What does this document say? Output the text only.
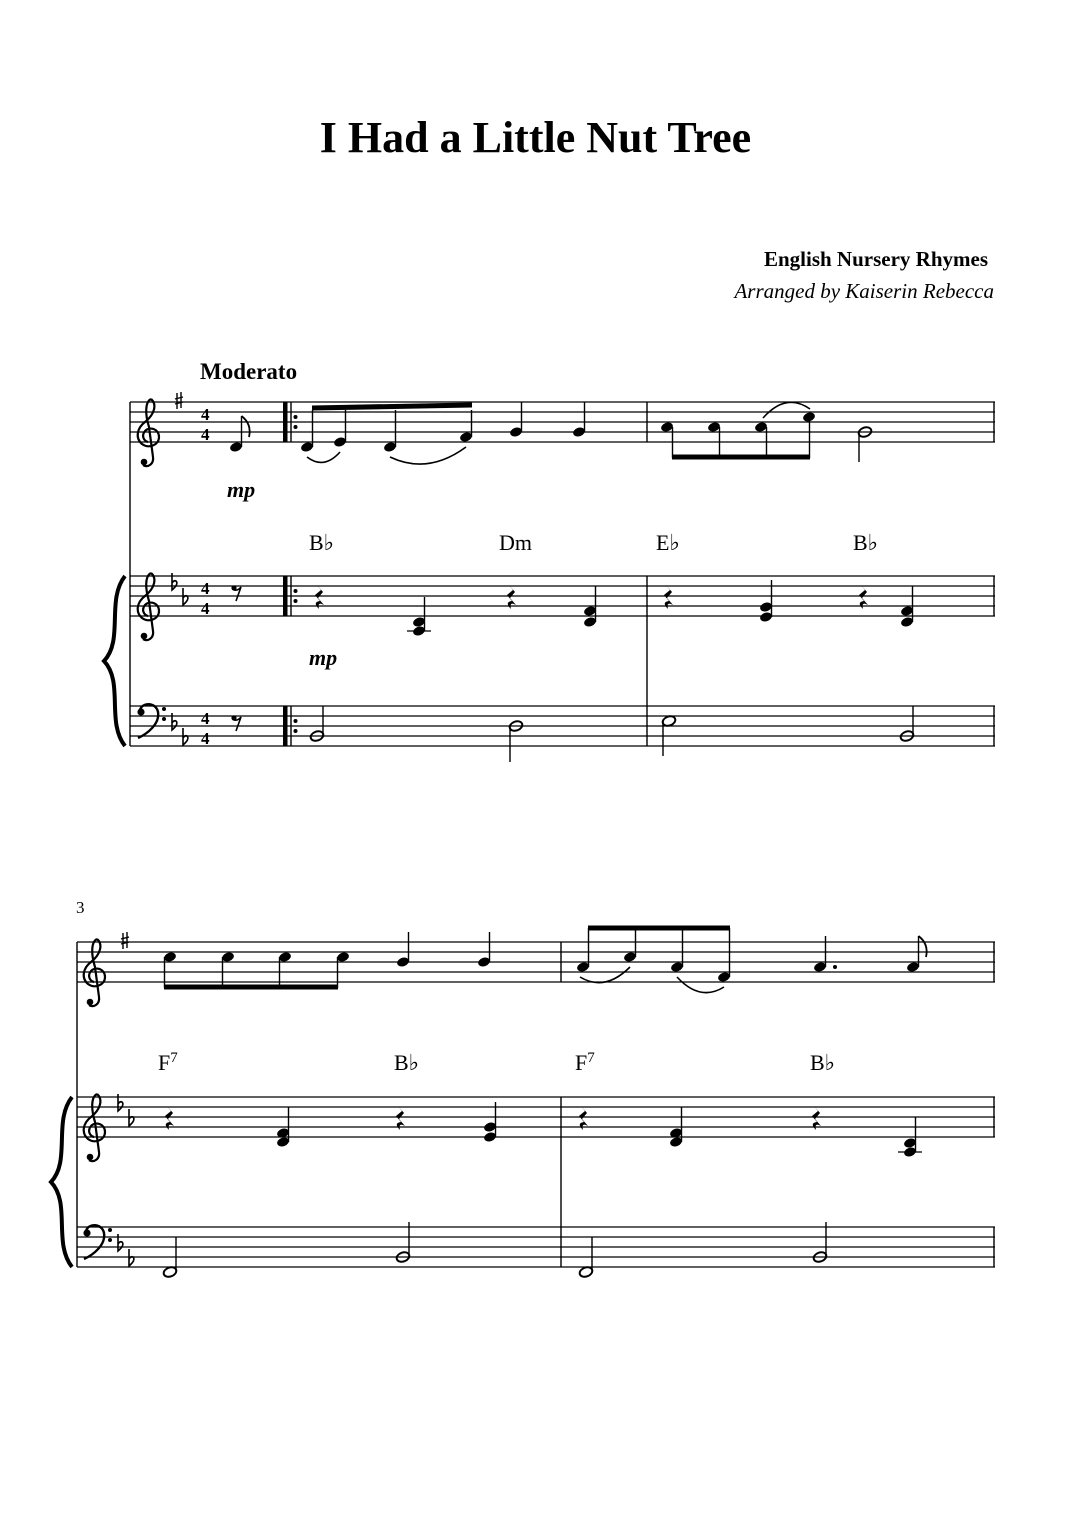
I Had a Little Nut Tree
English Nursery Rhymes
Arranged by Kaiserin Rebecca
Moderato
4
4
mp
B♭	Dm	E♭	B♭
4
4
mp
4
4
3
$F^7$	B♭	$F^7$	B♭
